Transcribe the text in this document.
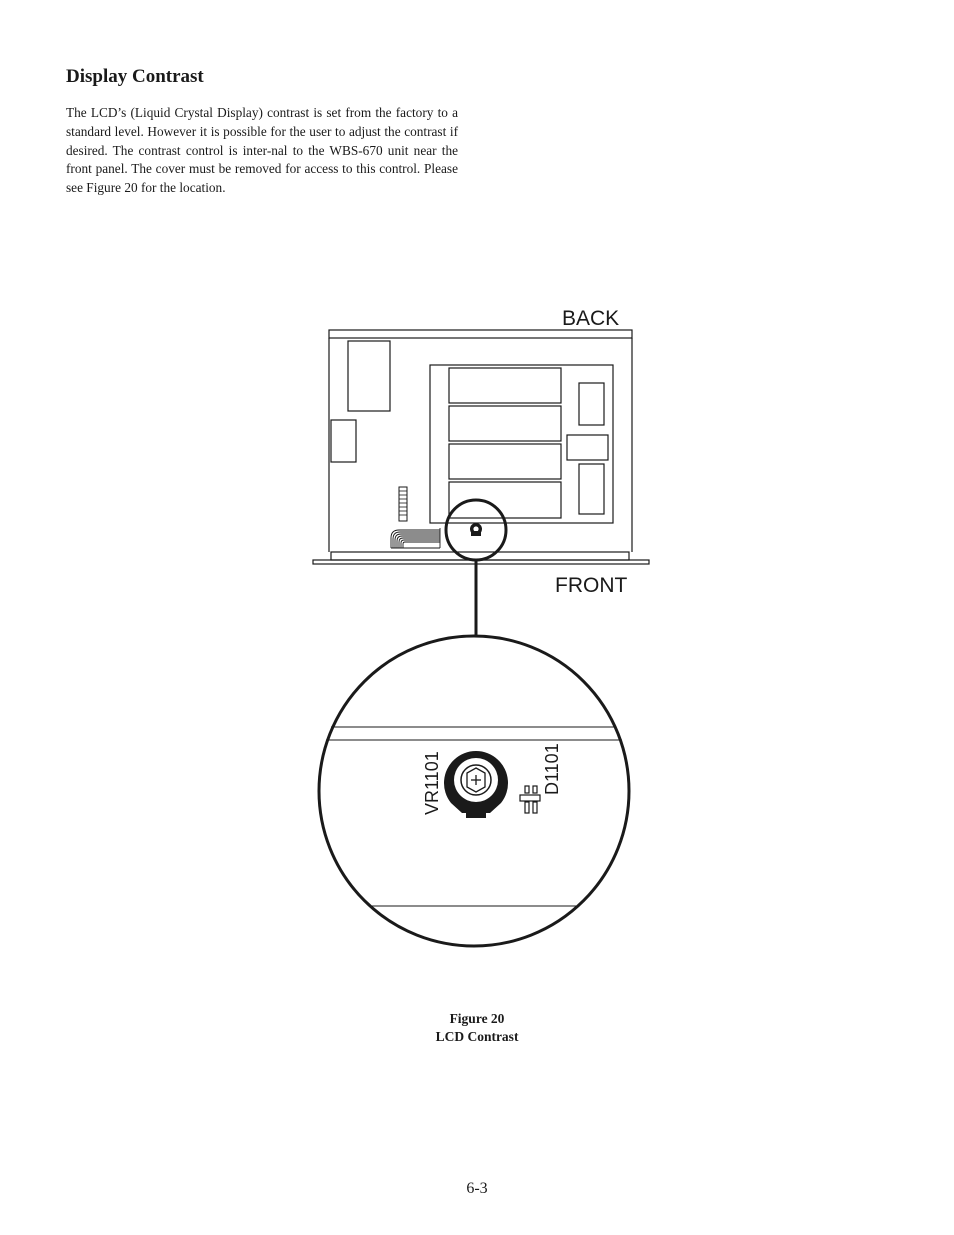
Display Contrast

The LCD’s (Liquid Crystal Display) contrast is set from the factory to a standard level. However it is possible for the user to adjust the contrast if desired. The contrast control is inter-nal to the WBS-670 unit near the front panel. The cover must be removed for access to this control. Please see Figure 20 for the location.

VR1101	D1101
BACK
FRONT
Figure 20
LCD Contrast
6-3
